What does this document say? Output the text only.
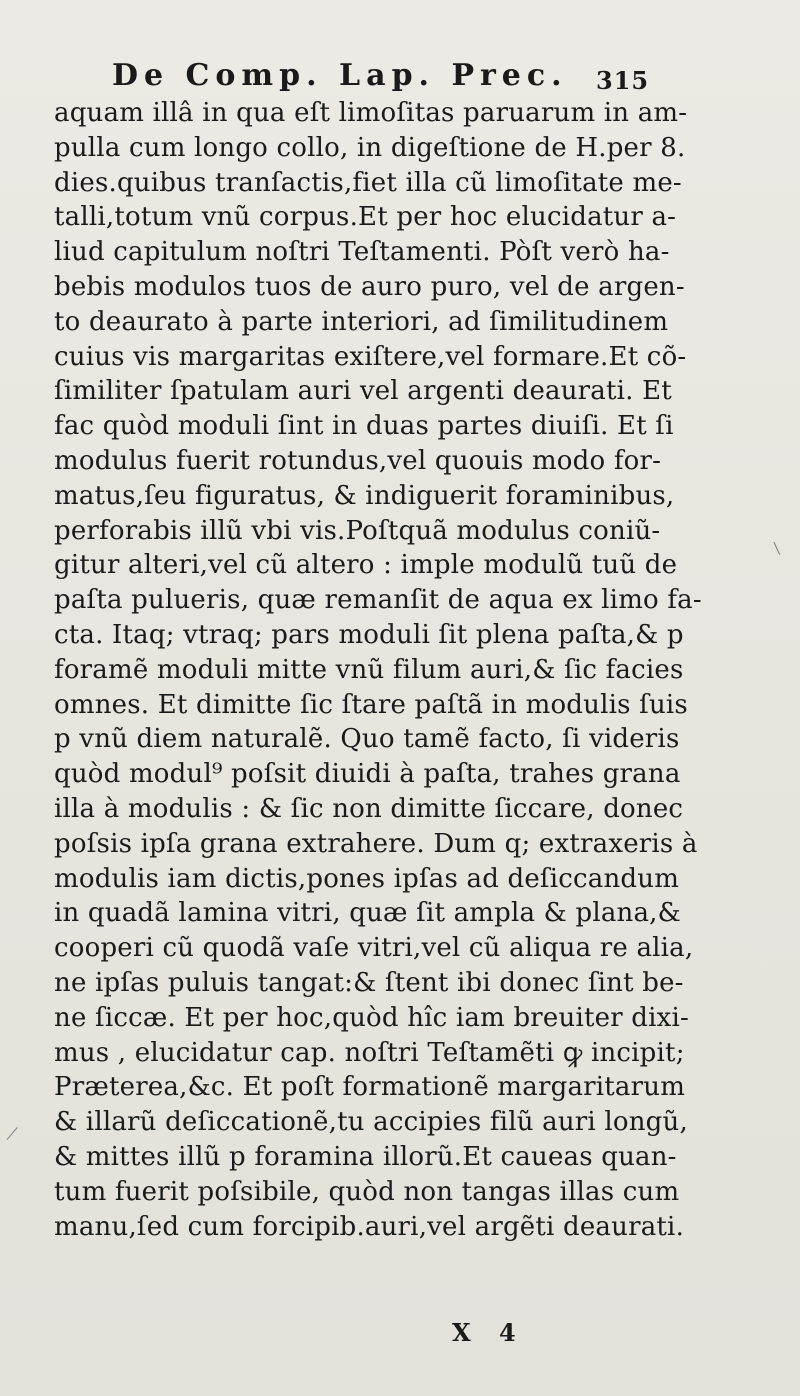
De Comp. Lap. Prec.	315
aquam illâ in qua eſt limoſitas paruarum in am-
pulla cum longo collo, in digeſtione de H.per 8.
dies.quibus tranſactis,fiet illa cũ limoſitate me-
talli,totum vnũ corpus.Et per hoc elucidatur a-
liud capitulum noſtri Teſtamenti. Pòſt verò ha-
bebis modulos tuos de auro puro, vel de argen-
to deaurato à parte interiori, ad ſimilitudinem
cuius vis margaritas exiſtere,vel formare.Et cõ-
ſimiliter ſpatulam auri vel argenti deaurati. Et
fac quòd moduli ſint in duas partes diuiſi. Et ſi
modulus fuerit rotundus,vel quouis modo for-
matus,ſeu figuratus, & indiguerit foraminibus,
perforabis illũ vbi vis.Poſtquã modulus coniũ-
gitur alteri,vel cũ altero : imple modulũ tuũ de
paſta pulueris, quæ remanſit de aqua ex limo fa-
cta. Itaq; vtraq; pars moduli ſit plena paſta,& p
foramẽ moduli mitte vnũ filum auri,& ſic facies
omnes. Et dimitte ſic ſtare paſtã in modulis ſuis
p vnũ diem naturalẽ. Quo tamẽ facto, ſi videris
quòd modul⁹ poſsit diuidi à paſta, trahes grana
illa à modulis : & ſic non dimitte ſiccare, donec
poſsis ipſa grana extrahere. Dum q; extraxeris à
modulis iam dictis,pones ipſas ad deſiccandum
in quadã lamina vitri, quæ ſit ampla & plana,&
cooperi cũ quodã vaſe vitri,vel cũ aliqua re alia,
ne ipſas puluis tangat:& ſtent ibi donec ſint be-
ne ſiccæ. Et per hoc,quòd hîc iam breuiter dixi-
mus , elucidatur cap. noſtri Teſtamẽti ꝙ incipit;
Præterea,&c. Et poſt formationẽ margaritarum
& illarũ deſiccationẽ,tu accipies filũ auri longũ,
& mittes illũ p foramina illorũ.Et caueas quan-
tum fuerit poſsibile, quòd non tangas illas cum
manu,ſed cum forcipib.auri,vel argẽti deaurati.
X 4
